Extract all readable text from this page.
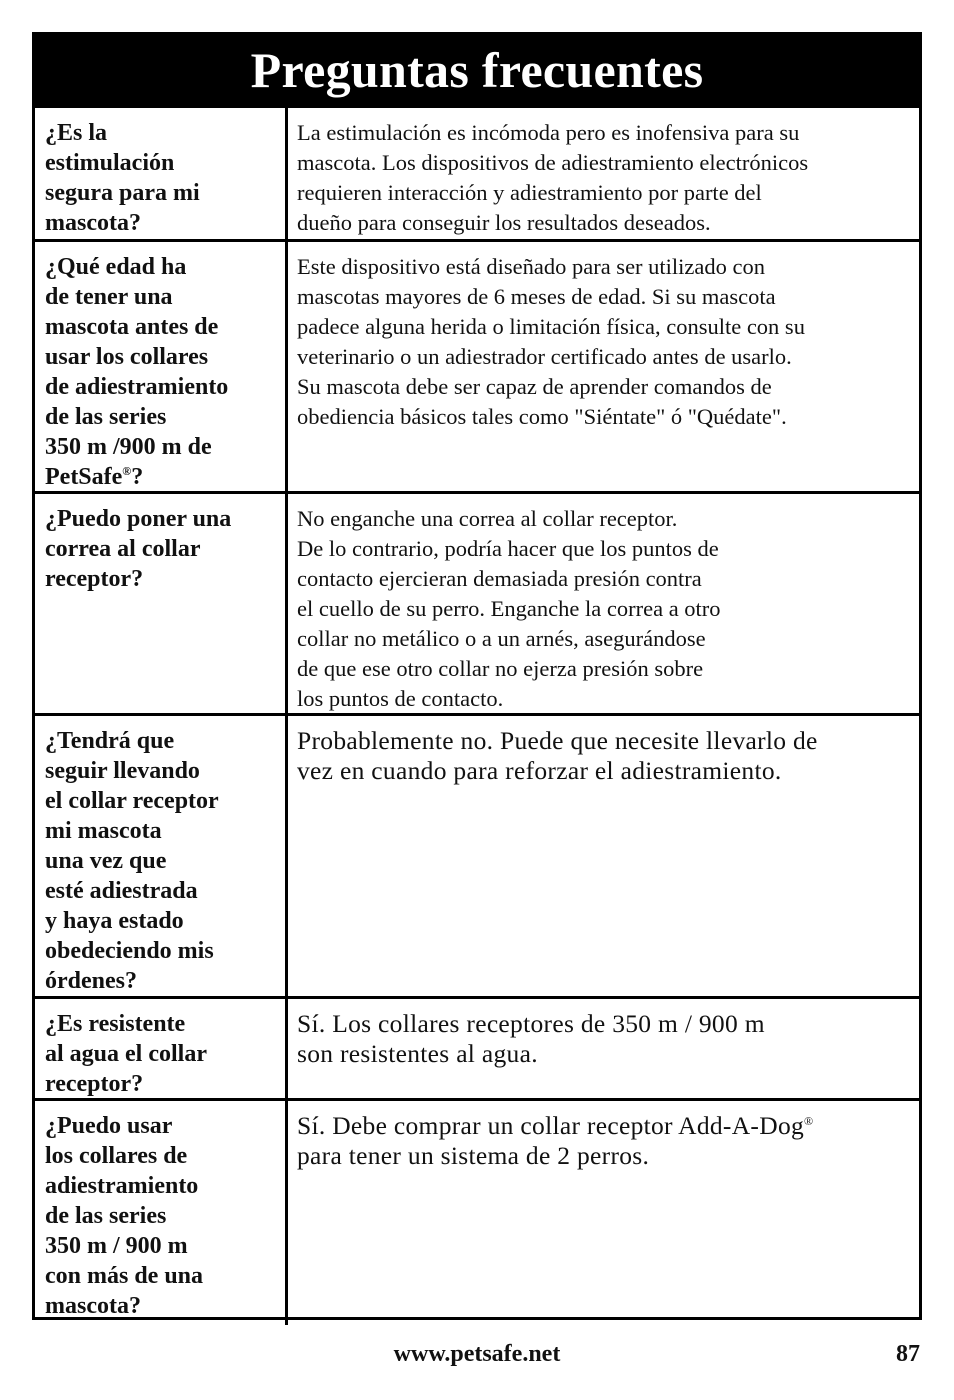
Preguntas frecuentes
¿Es la
estimulación
segura para mi
mascota?
La estimulación es incómoda pero es inofensiva para su
mascota. Los dispositivos de adiestramiento electrónicos
requieren interacción y adiestramiento por parte del
dueño para conseguir los resultados deseados.
¿Qué edad ha
de tener una
mascota antes de
usar los collares
de adiestramiento
de las series
350 m /900 m de
PetSafe®?
Este dispositivo está diseñado para ser utilizado con
mascotas mayores de 6 meses de edad. Si su mascota
padece alguna herida o limitación física, consulte con su
veterinario o un adiestrador certificado antes de usarlo.
Su mascota debe ser capaz de aprender comandos de
obediencia básicos tales como "Siéntate" ó "Quédate".
¿Puedo poner una
correa al collar
receptor?
No enganche una correa al collar receptor.
De lo contrario, podría hacer que los puntos de
contacto ejercieran demasiada presión contra
el cuello de su perro. Enganche la correa a otro
collar no metálico o a un arnés, asegurándose
de que ese otro collar no ejerza presión sobre
los puntos de contacto.
¿Tendrá que
seguir llevando
el collar receptor
mi mascota
una vez que
esté adiestrada
y haya estado
obedeciendo mis
órdenes?
Probablemente no. Puede que necesite llevarlo de
vez en cuando para reforzar el adiestramiento.
¿Es resistente
al agua el collar
receptor?
Sí. Los collares receptores de 350 m / 900 m
son resistentes al agua.
¿Puedo usar
los collares de
adiestramiento
de las series
350 m / 900 m
con más de una
mascota?
Sí. Debe comprar un collar receptor Add-A-Dog®
para tener un sistema de 2 perros.
www.petsafe.net	87
